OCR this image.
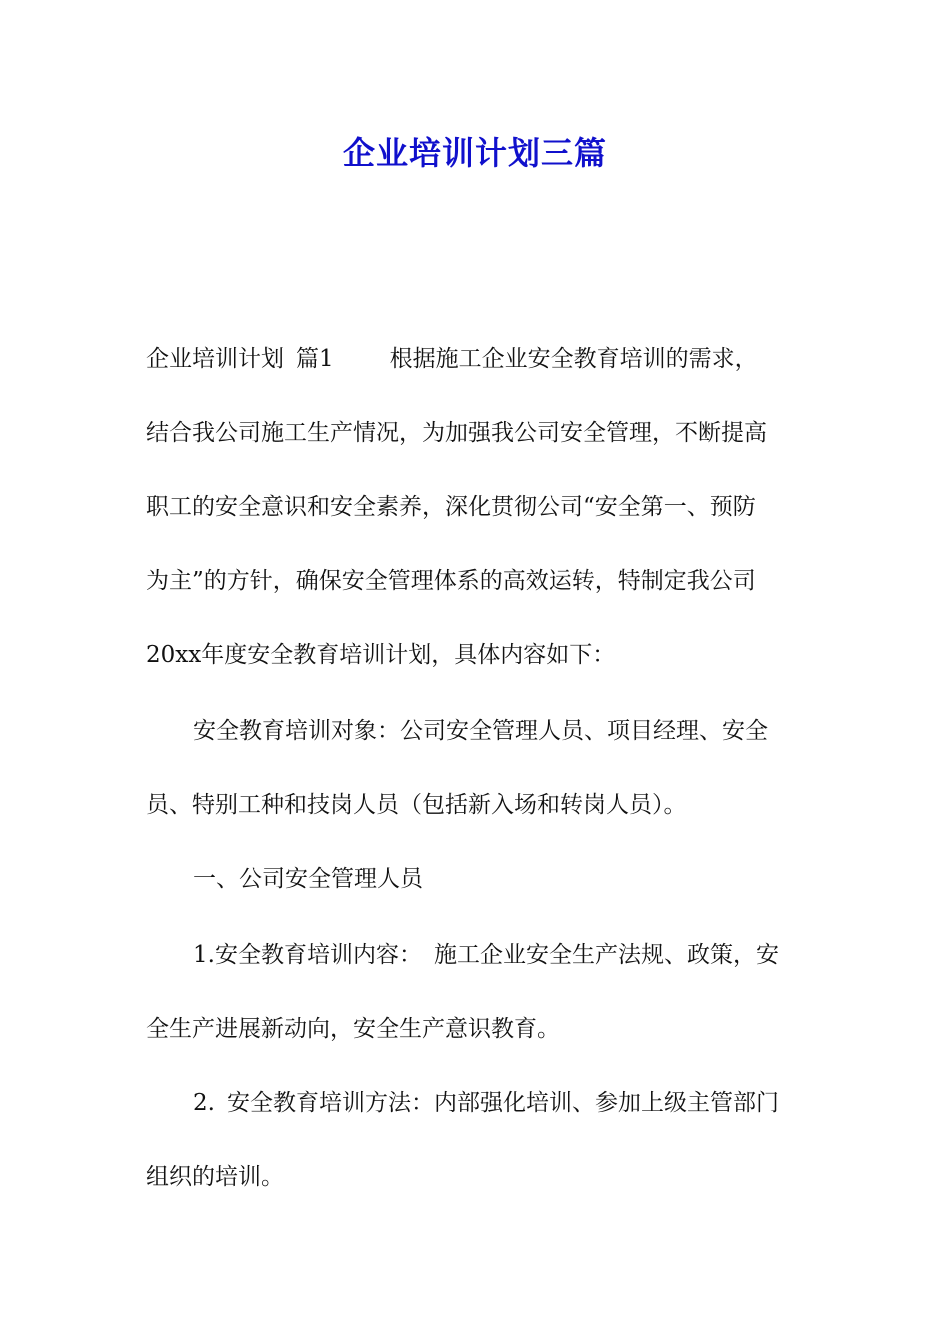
企业培训计划三篇
企业培训计划 篇1 根据施工企业安全教育培训的需求，
结合我公司施工生产情况，为加强我公司安全管理，不断提高
职工的安全意识和安全素养，深化贯彻公司“安全第一、预防
为主”的方针，确保安全管理体系的高效运转，特制定我公司
20xx年度安全教育培训计划，具体内容如下：
安全教育培训对象：公司安全管理人员、项目经理、安全
员、特别工种和技岗人员（包括新入场和转岗人员）。
一、公司安全管理人员
1.安全教育培训内容： 施工企业安全生产法规、政策，安
全生产进展新动向，安全生产意识教育。
2. 安全教育培训方法：内部强化培训、参加上级主管部门
组织的培训。
